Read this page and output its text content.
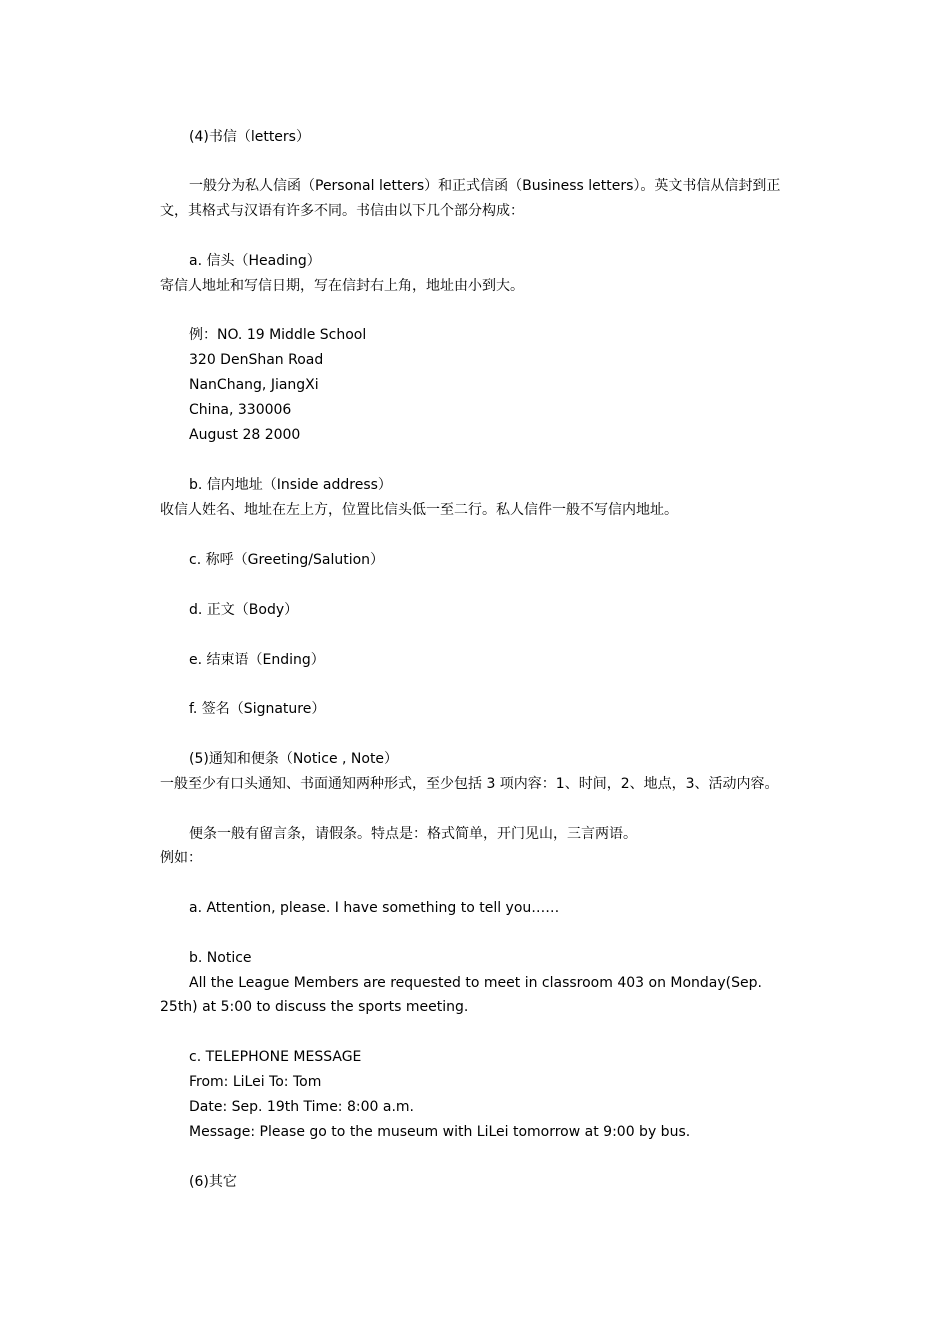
(4)书信（letters）
一般分为私人信函（Personal letters）和正式信函（Business letters）。英文书信从信封到正
文，其格式与汉语有许多不同。书信由以下几个部分构成：
a. 信头（Heading）
寄信人地址和写信日期，写在信封右上角，地址由小到大。
例：NO. 19 Middle School
320 DenShan Road
NanChang, JiangXi
China, 330006
August 28 2000
b. 信内地址（Inside address）
收信人姓名、地址在左上方，位置比信头低一至二行。私人信件一般不写信内地址。
c. 称呼（Greeting/Salution）
d. 正文（Body）
e. 结束语（Ending）
f. 签名（Signature）
(5)通知和便条（Notice , Note）
一般至少有口头通知、书面通知两种形式，至少包括 3 项内容：1、时间，2、地点，3、活动内容。
便条一般有留言条，请假条。特点是：格式简单，开门见山，三言两语。
例如：
a. Attention, please. I have something to tell you……
b. Notice
All the League Members are requested to meet in classroom 403 on Monday(Sep.
25th) at 5:00 to discuss the sports meeting.
c. TELEPHONE MESSAGE
From: LiLei To: Tom
Date: Sep. 19th Time: 8:00 a.m.
Message: Please go to the museum with LiLei tomorrow at 9:00 by bus.
(6)其它
